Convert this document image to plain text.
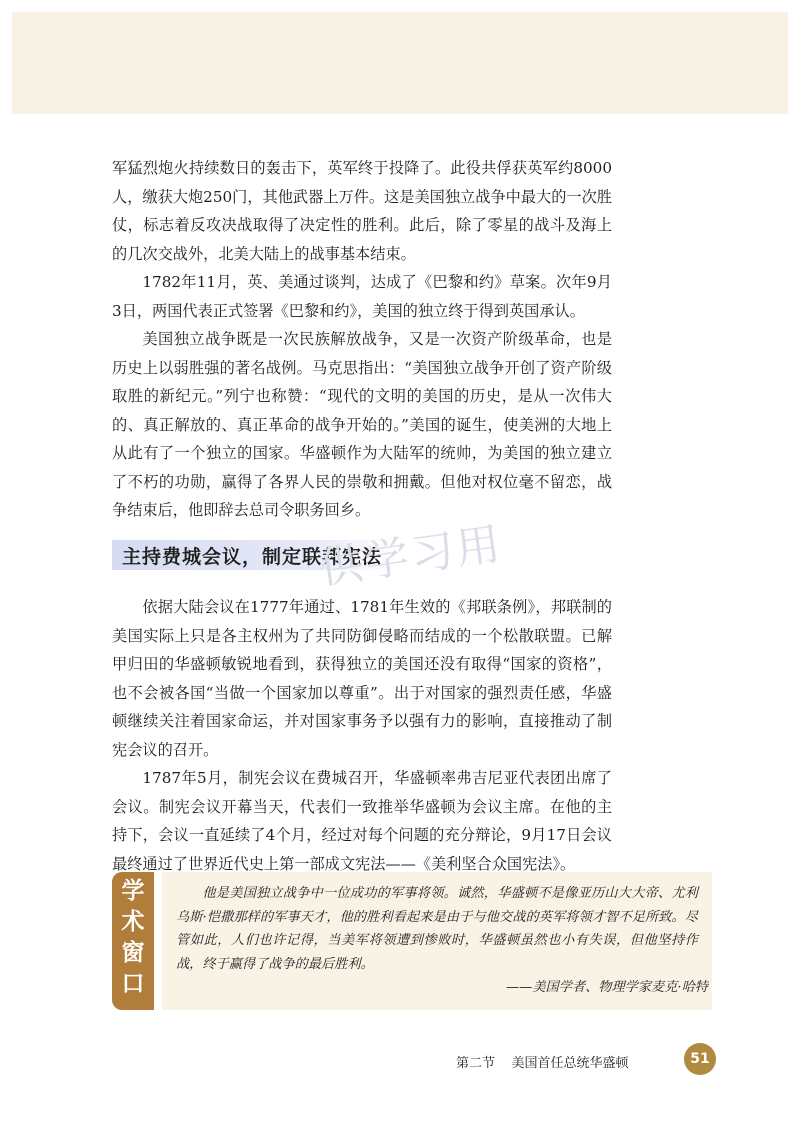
军猛烈炮火持续数日的轰击下，英军终于投降了。此役共俘获英军约8000人，缴获大炮250门，其他武器上万件。这是美国独立战争中最大的一次胜仗，标志着反攻决战取得了决定性的胜利。此后，除了零星的战斗及海上的几次交战外，北美大陆上的战事基本结束。

1782年11月，英、美通过谈判，达成了《巴黎和约》草案。次年9月3日，两国代表正式签署《巴黎和约》，美国的独立终于得到英国承认。

美国独立战争既是一次民族解放战争，又是一次资产阶级革命，也是历史上以弱胜强的著名战例。马克思指出：“美国独立战争开创了资产阶级取胜的新纪元。”列宁也称赞：“现代的文明的美国的历史，是从一次伟大的、真正解放的、真正革命的战争开始的。”美国的诞生，使美洲的大地上从此有了一个独立的国家。华盛顿作为大陆军的统帅，为美国的独立建立了不朽的功勋，赢得了各界人民的崇敬和拥戴。但他对权位毫不留恋，战争结束后，他即辞去总司令职务回乡。

主持费城会议，制定联邦宪法
供学习用

依据大陆会议在1777年通过、1781年生效的《邦联条例》，邦联制的美国实际上只是各主权州为了共同防御侵略而结成的一个松散联盟。已解甲归田的华盛顿敏锐地看到，获得独立的美国还没有取得“国家的资格”，也不会被各国“当做一个国家加以尊重”。出于对国家的强烈责任感，华盛顿继续关注着国家命运，并对国家事务予以强有力的影响，直接推动了制宪会议的召开。

1787年5月，制宪会议在费城召开，华盛顿率弗吉尼亚代表团出席了会议。制宪会议开幕当天，代表们一致推举华盛顿为会议主席。在他的主持下，会议一直延续了4个月，经过对每个问题的充分辩论，9月17日会议最终通过了世界近代史上第一部成文宪法——《美利坚合众国宪法》。

学
术
窗
口

他是美国独立战争中一位成功的军事将领。诚然，华盛顿不是像亚历山大大帝、尤利乌斯·恺撒那样的军事天才，他的胜利看起来是由于与他交战的英军将领才智不足所致。尽管如此，人们也许记得，当美军将领遭到惨败时，华盛顿虽然也小有失误，但他坚持作战，终于赢得了战争的最后胜利。

——美国学者、物理学家麦克·哈特
第二节 美国首任总统华盛顿	51
